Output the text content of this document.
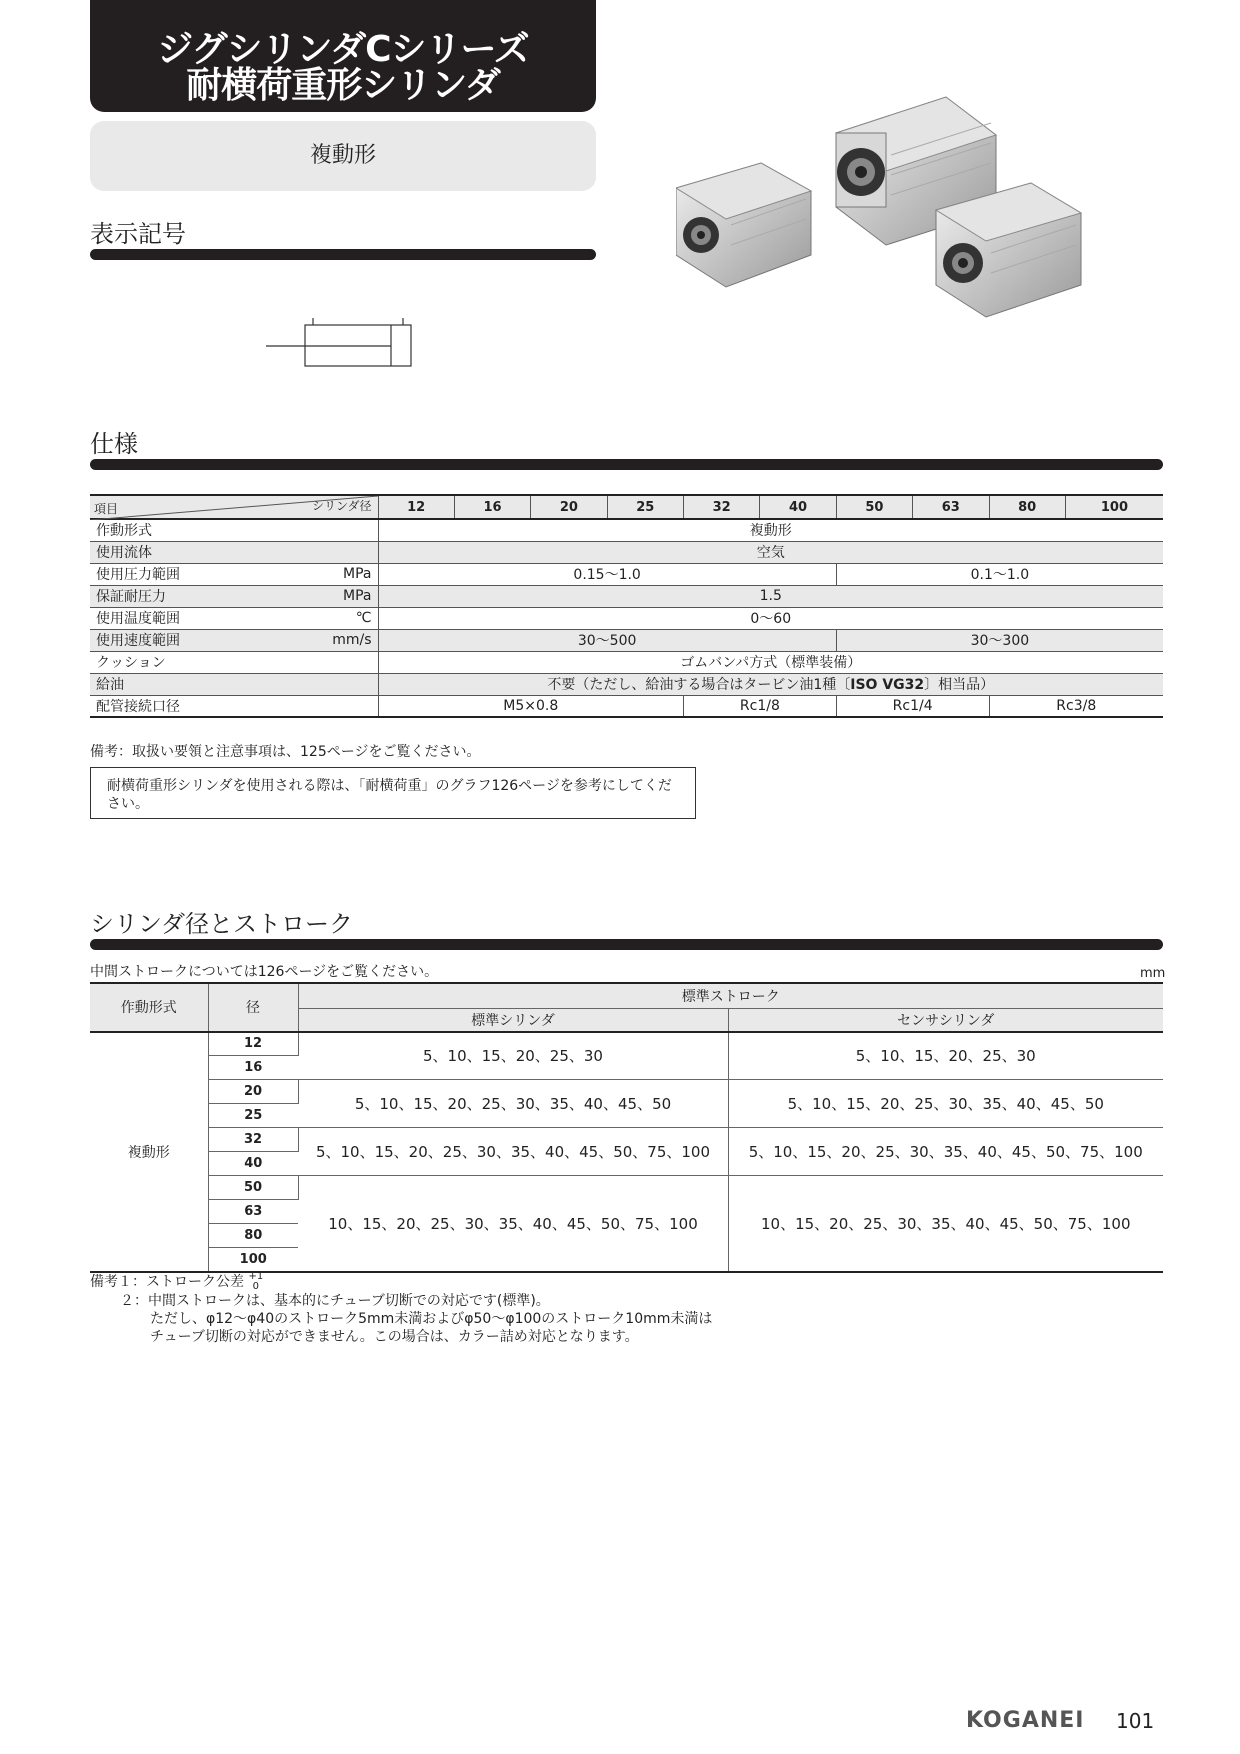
ジグシリンダCシリーズ
耐横荷重形シリンダ
複動形
表示記号
仕様
項目 シリンダ径	12	16	20	25	32	40	50	63	80	100
作動形式	複動形									
使用流体	空気									
使用圧力範囲 MPa	0.15～1.0						0.1～1.0			
保証耐圧力 MPa	1.5									
使用温度範囲 ℃	0～60									
使用速度範囲 mm/s	30～500						30～300			
クッション	ゴムバンパ方式（標準装備）									
給油	不要（ただし、給油する場合はタービン油1種〔ISO VG32〕相当品）									
配管接続口径	M5×0.8				Rc1/8		Rc1/4		Rc3/8	
備考：取扱い要領と注意事項は、125ページをご覧ください。
耐横荷重形シリンダを使用される際は、「耐横荷重」のグラフ126ページを参考にしてください。
シリンダ径とストローク
中間ストロークについては126ページをご覧ください。	mm
作動形式	径	標準ストローク	
		標準シリンダ	センサシリンダ
複動形	12	5、10、15、20、25、30	5、10、15、20、25、30
	16		
	20	5、10、15、20、25、30、35、40、45、50	5、10、15、20、25、30、35、40、45、50
	25		
	32	5、10、15、20、25、30、35、40、45、50、75、100	5、10、15、20、25、30、35、40、45、50、75、100
	40		
	50	10、15、20、25、30、35、40、45、50、75、100	10、15、20、25、30、35、40、45、50、75、100
	63		
	80		
	100		
備考１：ストローク公差 +1
0
２：中間ストロークは、基本的にチューブ切断での対応です(標準)。
ただし、φ12～φ40のストローク5mm未満およびφ50～φ100のストローク10mm未満は
チューブ切断の対応ができません。この場合は、カラー詰め対応となります。
KOGANEI 101
